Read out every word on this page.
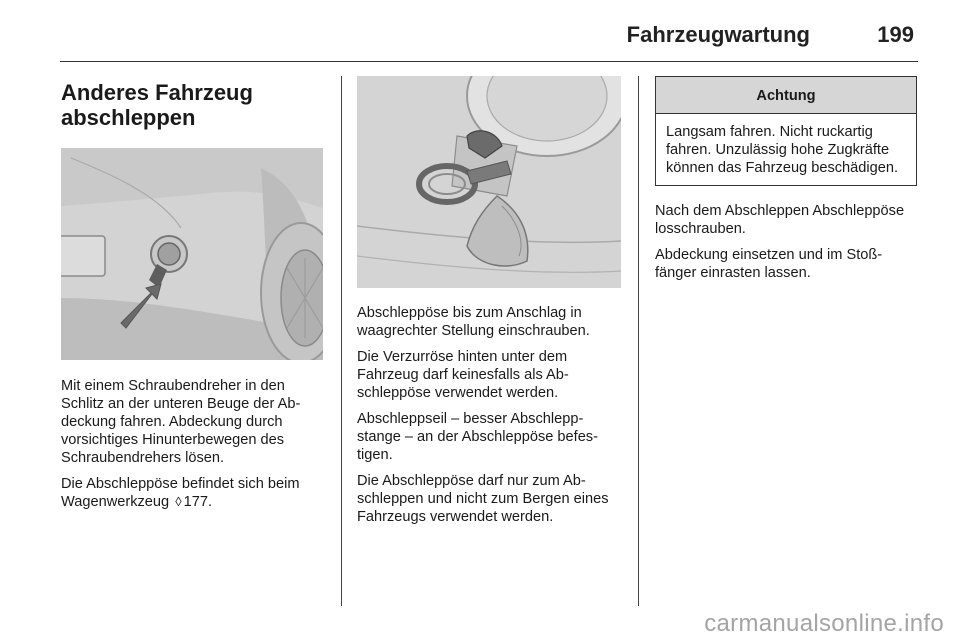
Fahrzeugwartung	199
Anderes Fahrzeug
abschleppen

Mit einem Schraubendreher in den Schlitz an der unteren Beuge der Abdeckung fahren. Abdeckung durch vorsichtiges Hinunterbewegen des Schraubendrehers lösen.

Die Abschleppöse befindet sich beim Wagenwerkzeug ◊ 177.

Abschleppöse bis zum Anschlag in waagrechter Stellung einschrauben.

Die Verzurröse hinten unter dem Fahrzeug darf keinesfalls als Abschleppöse verwendet werden.

Abschleppseil – besser Abschleppstange – an der Abschleppöse befestigen.

Die Abschleppöse darf nur zum Abschleppen und nicht zum Bergen eines Fahrzeugs verwendet werden.

Achtung
Langsam fahren. Nicht ruckartig fahren. Unzulässig hohe Zugkräfte können das Fahrzeug beschädigen.

Nach dem Abschleppen Abschleppöse losschrauben.

Abdeckung einsetzen und im Stoßfänger einrasten lassen.

carmanualsonline.info
